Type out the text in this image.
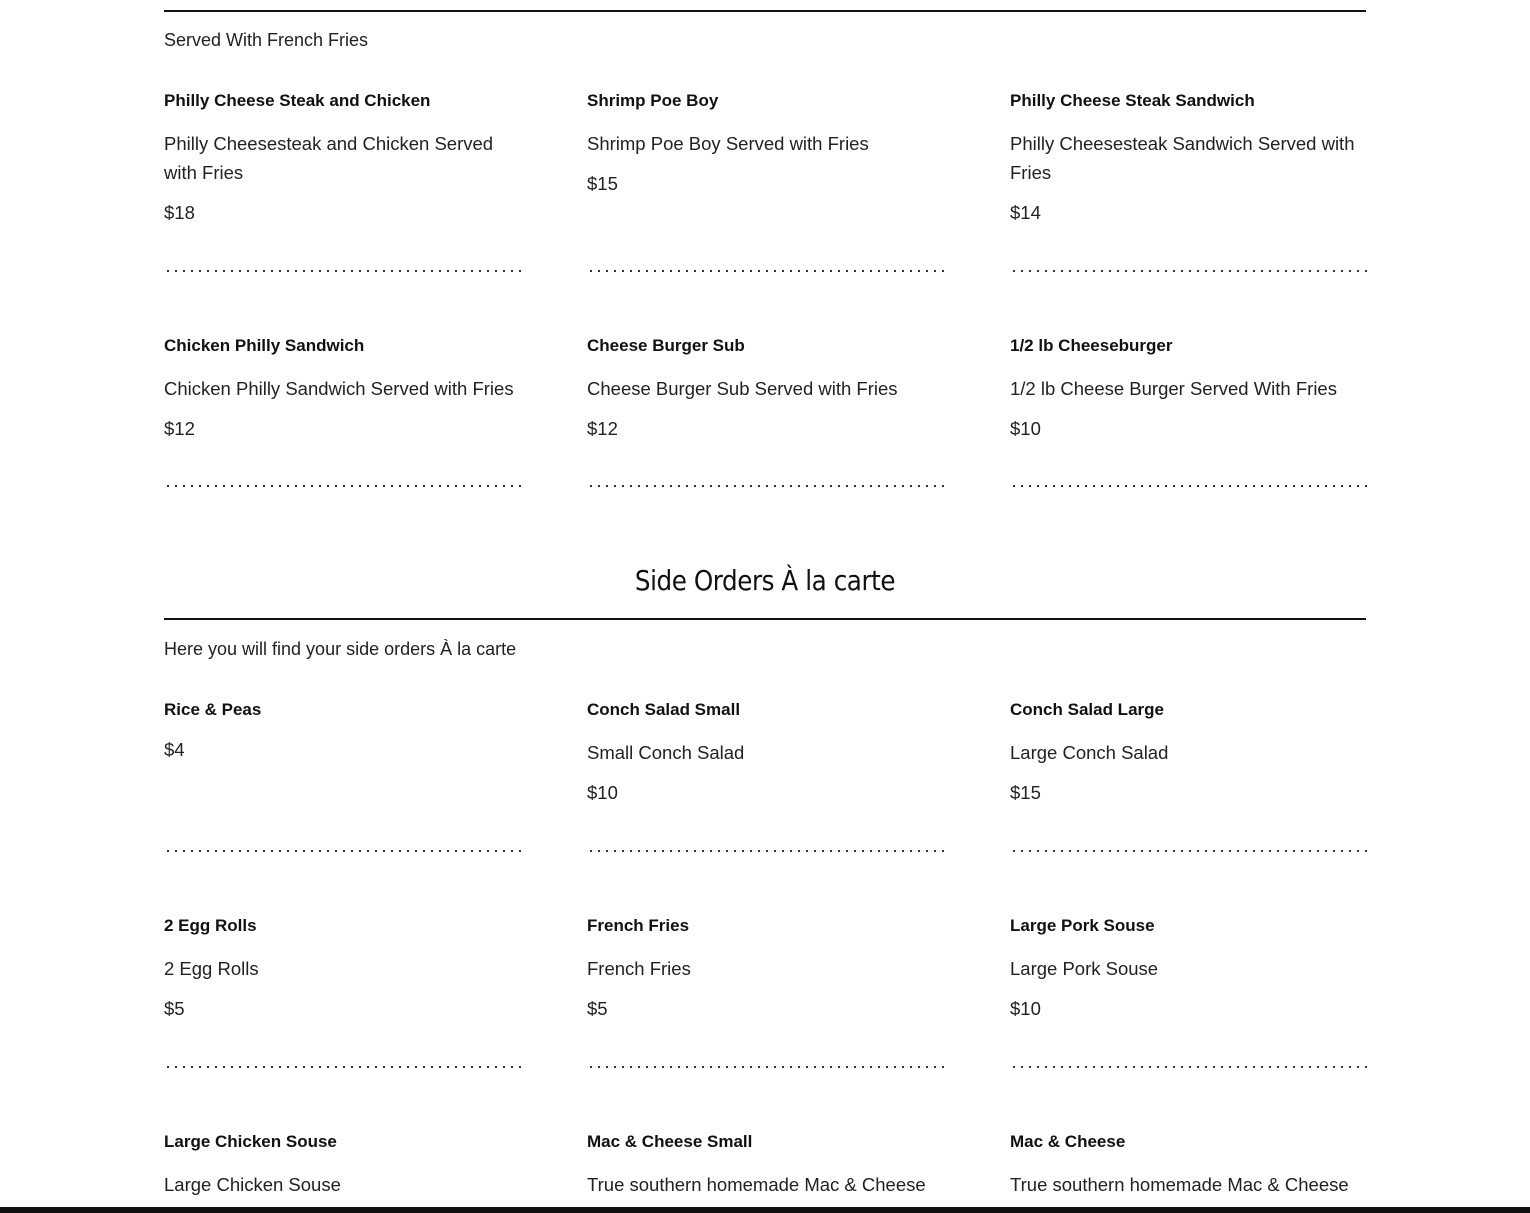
Served With French Fries

Philly Cheese Steak and Chicken

Philly Cheesesteak and Chicken Served with Fries

$18

Shrimp Poe Boy

Shrimp Poe Boy Served with Fries

$15

Philly Cheese Steak Sandwich

Philly Cheesesteak Sandwich Served with Fries

$14

Chicken Philly Sandwich

Chicken Philly Sandwich Served with Fries

$12

Cheese Burger Sub

Cheese Burger Sub Served with Fries

$12

1/2 lb Cheeseburger

1/2 lb Cheese Burger Served With Fries

$10

Side Orders À la carte
Here you will find your side orders À la carte

Rice & Peas

$4

Conch Salad Small

Small Conch Salad

$10

Conch Salad Large

Large Conch Salad

$15

2 Egg Rolls

2 Egg Rolls

$5

French Fries

French Fries

$5

Large Pork Souse

Large Pork Souse

$10

Large Chicken Souse

Large Chicken Souse

Mac & Cheese Small

True southern homemade Mac & Cheese

Mac & Cheese

True southern homemade Mac & Cheese
